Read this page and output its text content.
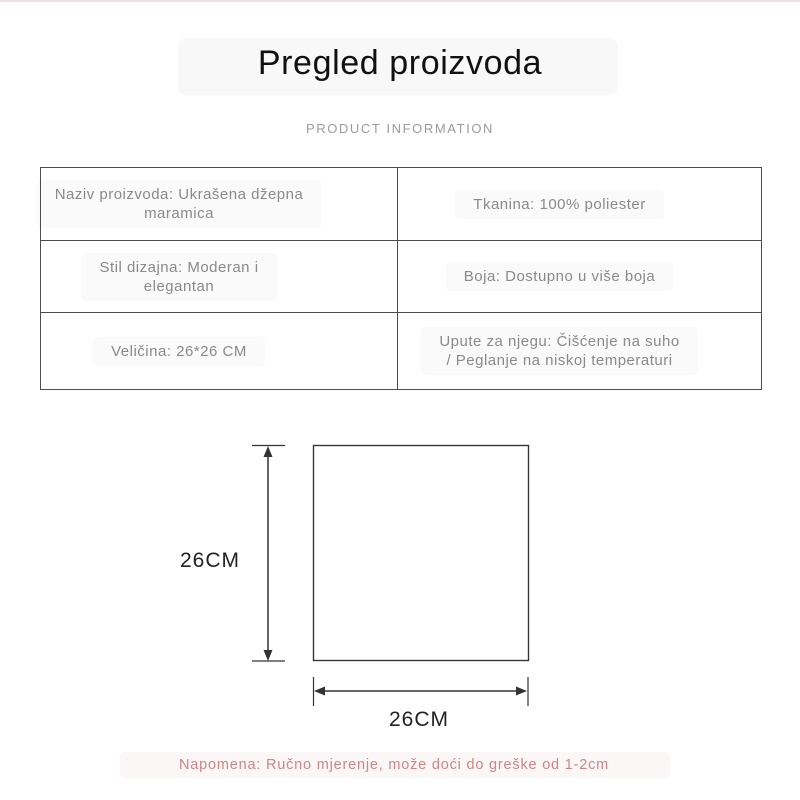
Pregled proizvoda
PRODUCT INFORMATION
Naziv proizvoda: Ukrašena džepna
maramica
Tkanina: 100% poliester
Stil dizajna: Moderan i
elegantan
Boja: Dostupno u više boja
Veličina: 26*26 CM
Upute za njegu: Čišćenje na suho
/ Peglanje na niskoj temperaturi
26CM
26CM
Napomena: Ručno mjerenje, može doći do greške od 1-2cm
